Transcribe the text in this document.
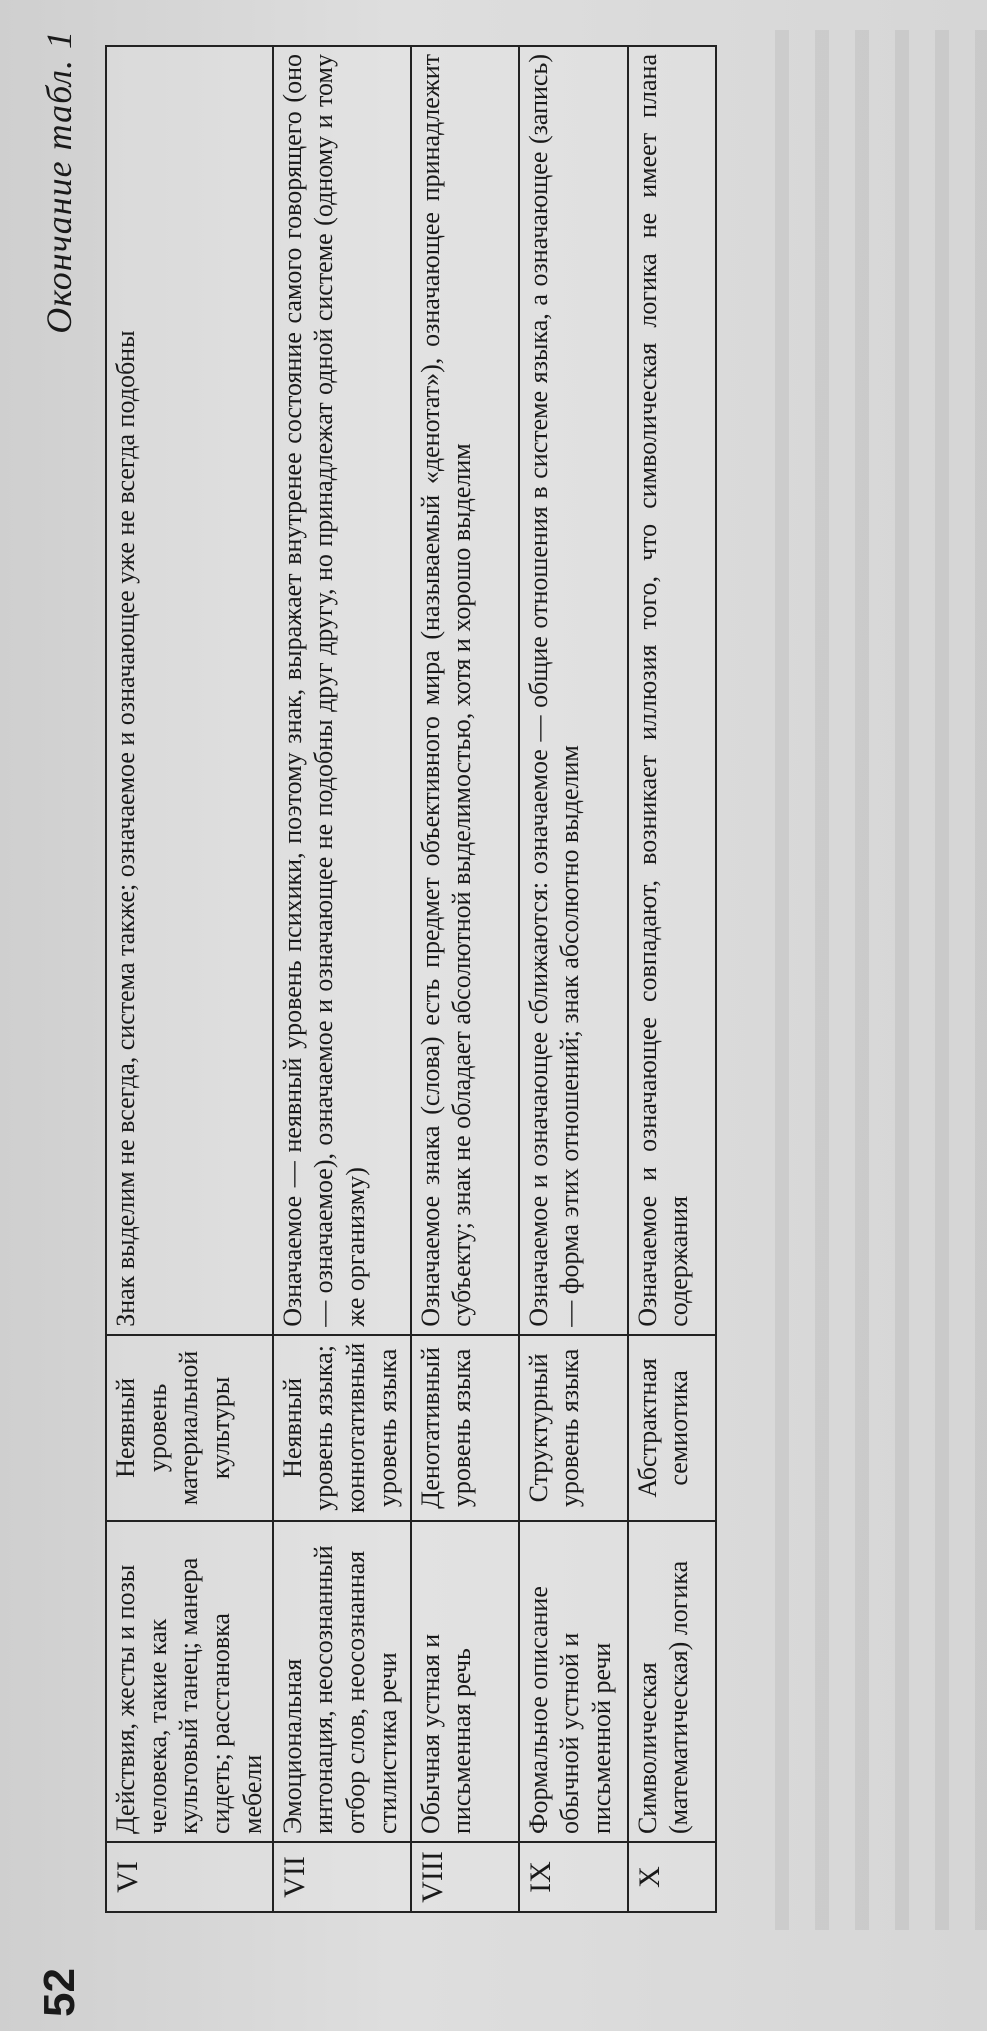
52
Окончание табл. 1
VI	Действия, жесты и позы человека, такие как культовый танец; манера сидеть; расстановка мебели	Неявный уровень материальной культуры	Знак выделим не всегда, система также; означаемое и означающее уже не всегда подобны
VII	Эмоциональная интонация, неосознанный отбор слов, неосознанная стилистика речи	Неявный уровень языка; коннотативный уровень языка	Означаемое — неявный уровень психики, поэтому знак, выражает внутренее состояние самого говорящего (оно — означаемое), означаемое и означающее не подобны друг другу, но принадлежат одной системе (одному и тому же организму)
VIII	Обычная устная и письменная речь	Денотативный уровень языка	Означаемое знака (слова) есть предмет объективного мира (называемый «денотат»), означающее принадлежит субъекту; знак не обладает абсолютной выделимостью, хотя и хорошо выделим
IX	Формальное описание обычной устной и письменной речи	Структурный уровень языка	Означаемое и означающее сближаются: означаемое — общие отношения в системе языка, а означающее (запись) — форма этих отношений; знак абсолютно выделим
X	Символическая (математическая) логика	Абстрактная семиотика	Означаемое и означающее совпадают, возникает иллюзия того, что символическая логика не имеет плана содержания
